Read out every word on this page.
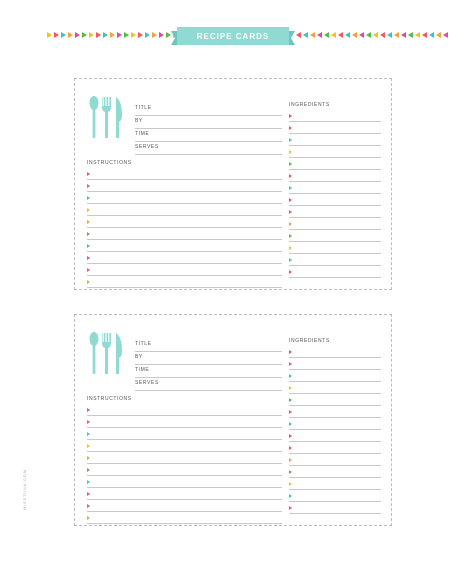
RECIPE CARDS
TITLE
BY
TIME
SERVES
INGREDIENTS
INSTRUCTIONS
TITLE
BY
TIME
SERVES
INGREDIENTS
INSTRUCTIONS
MISSTIINA.COM
